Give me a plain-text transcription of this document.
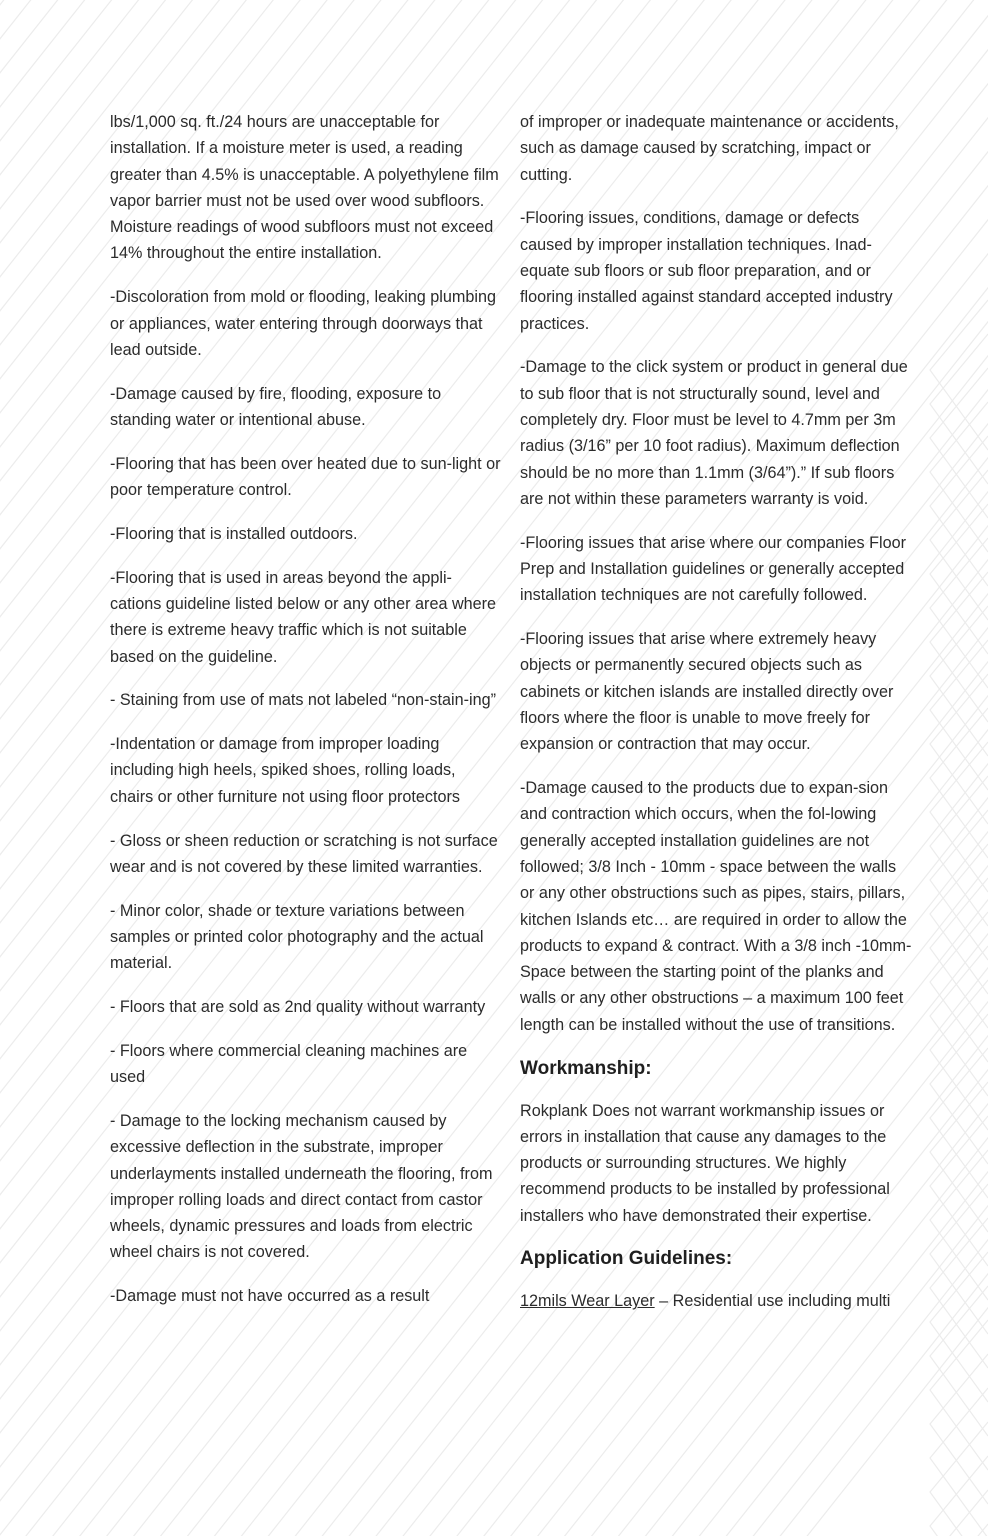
lbs/1,000 sq. ft./24 hours are unacceptable for installation. If a moisture meter is used, a reading greater than 4.5% is unacceptable. A polyethylene film vapor barrier must not be used over wood subfloors. Moisture readings of wood subfloors must not exceed 14% throughout the entire installation.

-Discoloration from mold or flooding, leaking plumbing or appliances, water entering through doorways that lead outside.

-Damage caused by fire, flooding, exposure to standing water or intentional abuse.

-Flooring that has been over heated due to sun-light or poor temperature control.

-Flooring that is installed outdoors.

-Flooring that is used in areas beyond the appli-cations guideline listed below or any other area where there is extreme heavy traffic which is not suitable based on the guideline.

- Staining from use of mats not labeled “non-stain-ing”

-Indentation or damage from improper loading including high heels, spiked shoes, rolling loads, chairs or other furniture not using floor protectors

- Gloss or sheen reduction or scratching is not surface wear and is not covered by these limited warranties.

- Minor color, shade or texture variations between samples or printed color photography and the actual material.

- Floors that are sold as 2nd quality without warranty

- Floors where commercial cleaning machines are used

- Damage to the locking mechanism caused by excessive deflection in the substrate, improper underlayments installed underneath the flooring, from improper rolling loads and direct contact from castor wheels, dynamic pressures and loads from electric wheel chairs is not covered.

-Damage must not have occurred as a result

of improper or inadequate maintenance or accidents, such as damage caused by scratching, impact or cutting.

-Flooring issues, conditions, damage or defects caused by improper installation techniques. Inad-equate sub floors or sub floor preparation, and or flooring installed against standard accepted industry practices.

-Damage to the click system or product in general due to sub floor that is not structurally sound, level and completely dry. Floor must be level to 4.7mm per 3m radius (3/16” per 10 foot radius). Maximum deflection should be no more than 1.1mm (3/64”).” If sub floors are not within these parameters warranty is void.

-Flooring issues that arise where our companies Floor Prep and Installation guidelines or generally accepted installation techniques are not carefully followed.

-Flooring issues that arise where extremely heavy objects or permanently secured objects such as cabinets or kitchen islands are installed directly over floors where the floor is unable to move freely for expansion or contraction that may occur.

-Damage caused to the products due to expan-sion and contraction which occurs, when the fol-lowing generally accepted installation guidelines are not followed; 3/8 Inch - 10mm - space between the walls or any other obstructions such as pipes, stairs, pillars, kitchen Islands etc… are required in order to allow the products to expand & contract. With a 3/8 inch -10mm- Space between the starting point of the planks and walls or any other obstructions – a maximum 100 feet length can be installed without the use of transitions.

Workmanship:

Rokplank Does not warrant workmanship issues or errors in installation that cause any damages to the products or surrounding structures. We highly recommend products to be installed by professional installers who have demonstrated their expertise.

Application Guidelines:

12mils Wear Layer – Residential use including multi
